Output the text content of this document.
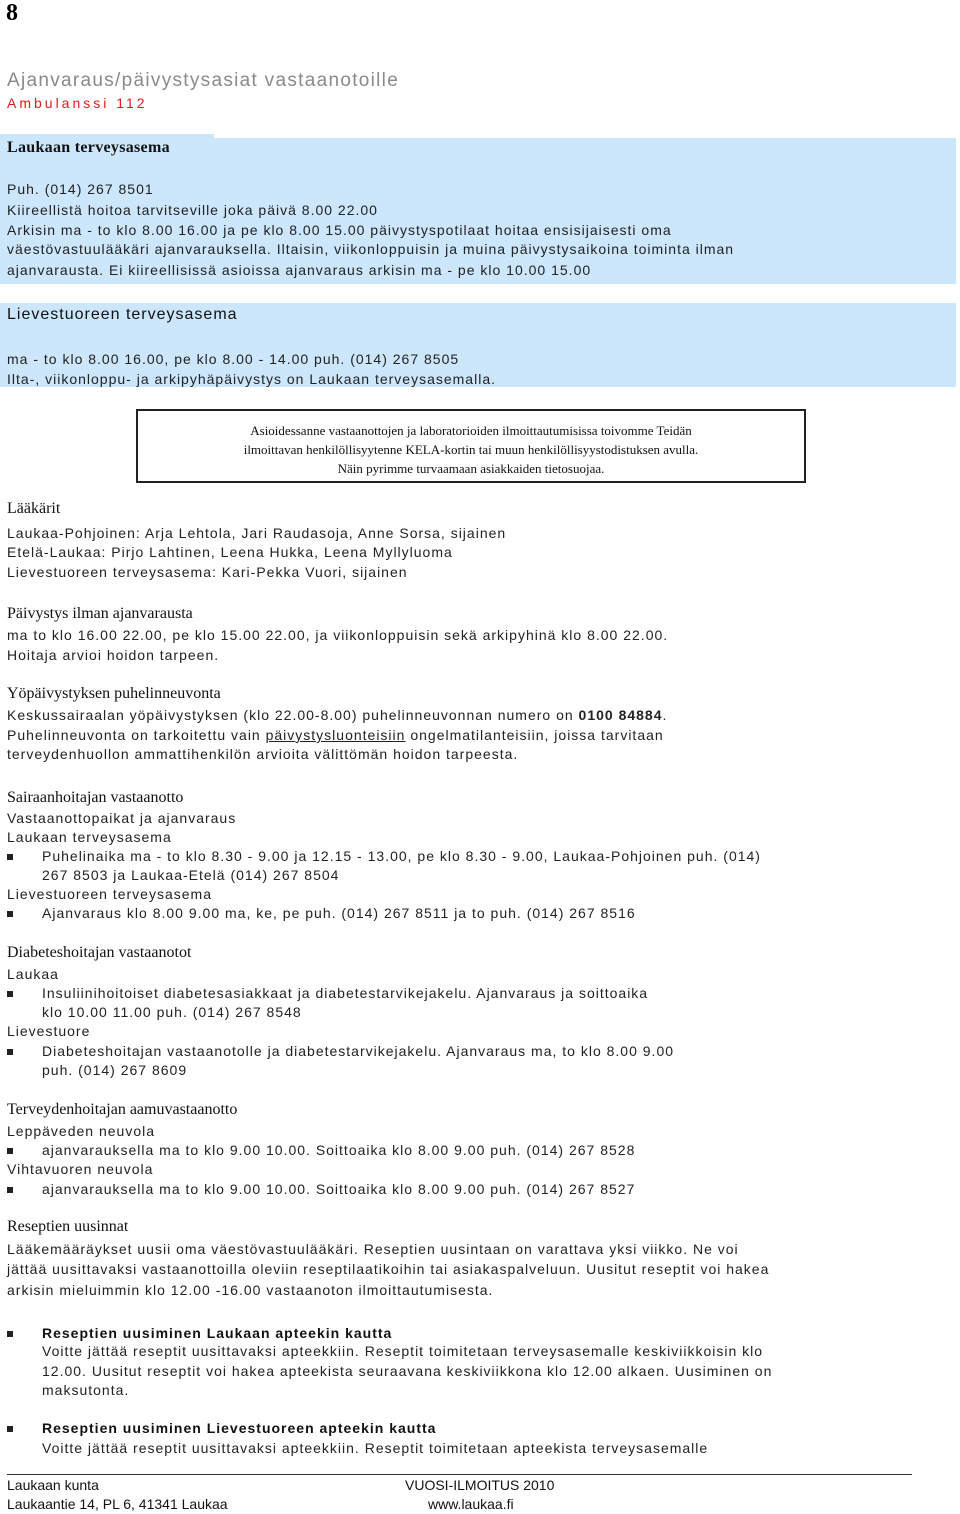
8
Ajanvaraus/päivystysasiat vastaanotoille
Ambulanssi 112
Laukaan terveysasema
Puh. (014) 267 8501
Kiireellistä hoitoa tarvitseville joka päivä 8.00 22.00
Arkisin ma - to klo 8.00 16.00 ja pe klo 8.00 15.00 päivystyspotilaat hoitaa ensisijaisesti oma
väestövastuulääkäri ajanvarauksella. Iltaisin, viikonloppuisin ja muina päivystysaikoina toiminta ilman
ajanvarausta. Ei kiireellisissä asioissa ajanvaraus arkisin ma - pe klo 10.00 15.00
Lievestuoreen terveysasema
ma - to klo 8.00 16.00, pe klo 8.00 - 14.00 puh. (014) 267 8505
Ilta-, viikonloppu- ja arkipyhäpäivystys on Laukaan terveysasemalla.
Asioidessanne vastaanottojen ja laboratorioiden ilmoittautumisissa toivomme Teidän
ilmoittavan henkilöllisyytenne KELA-kortin tai muun henkilöllisyystodistuksen avulla.
Näin pyrimme turvaamaan asiakkaiden tietosuojaa.
Lääkärit
Laukaa-Pohjoinen: Arja Lehtola, Jari Raudasoja, Anne Sorsa, sijainen
Etelä-Laukaa: Pirjo Lahtinen, Leena Hukka, Leena Myllyluoma
Lievestuoreen terveysasema: Kari-Pekka Vuori, sijainen
Päivystys ilman ajanvarausta
ma to klo 16.00 22.00, pe klo 15.00 22.00, ja viikonloppuisin sekä arkipyhinä klo 8.00 22.00.
Hoitaja arvioi hoidon tarpeen.
Yöpäivystyksen puhelinneuvonta
Keskussairaalan yöpäivystyksen (klo 22.00-8.00) puhelinneuvonnan numero on 0100 84884.
Puhelinneuvonta on tarkoitettu vain päivystysluonteisiin ongelmatilanteisiin, joissa tarvitaan
terveydenhuollon ammattihenkilön arvioita välittömän hoidon tarpeesta.
Sairaanhoitajan vastaanotto
Vastaanottopaikat ja ajanvaraus
Laukaan terveysasema
Puhelinaika ma - to klo 8.30 - 9.00 ja 12.15 - 13.00, pe klo 8.30 - 9.00, Laukaa-Pohjoinen puh. (014)
267 8503 ja Laukaa-Etelä (014) 267 8504
Lievestuoreen terveysasema
Ajanvaraus klo 8.00 9.00 ma, ke, pe puh. (014) 267 8511 ja to puh. (014) 267 8516
Diabeteshoitajan vastaanotot
Laukaa
Insuliinihoitoiset diabetesasiakkaat ja diabetestarvikejakelu. Ajanvaraus ja soittoaika
klo 10.00 11.00 puh. (014) 267 8548
Lievestuore
Diabeteshoitajan vastaanotolle ja diabetestarvikejakelu. Ajanvaraus ma, to klo 8.00 9.00
puh. (014) 267 8609
Terveydenhoitajan aamuvastaanotto
Leppäveden neuvola
ajanvarauksella ma to klo 9.00 10.00. Soittoaika klo 8.00 9.00 puh. (014) 267 8528
Vihtavuoren neuvola
ajanvarauksella ma to klo 9.00 10.00. Soittoaika klo 8.00 9.00 puh. (014) 267 8527
Reseptien uusinnat
Lääkemääräykset uusii oma väestövastuulääkäri. Reseptien uusintaan on varattava yksi viikko. Ne voi
jättää uusittavaksi vastaanottoilla oleviin reseptilaatikoihin tai asiakaspalveluun. Uusitut reseptit voi hakea
arkisin mieluimmin klo 12.00 -16.00 vastaanoton ilmoittautumisesta.
Reseptien uusiminen Laukaan apteekin kautta
Voitte jättää reseptit uusittavaksi apteekkiin. Reseptit toimitetaan terveysasemalle keskiviikkoisin klo
12.00. Uusitut reseptit voi hakea apteekista seuraavana keskiviikkona klo 12.00 alkaen. Uusiminen on
maksutonta.
Reseptien uusiminen Lievestuoreen apteekin kautta
Voitte jättää reseptit uusittavaksi apteekkiin. Reseptit toimitetaan apteekista terveysasemalle
Laukaan kunta
Laukaantie 14, PL 6, 41341 Laukaa
VUOSI-ILMOITUS 2010
www.laukaa.fi
